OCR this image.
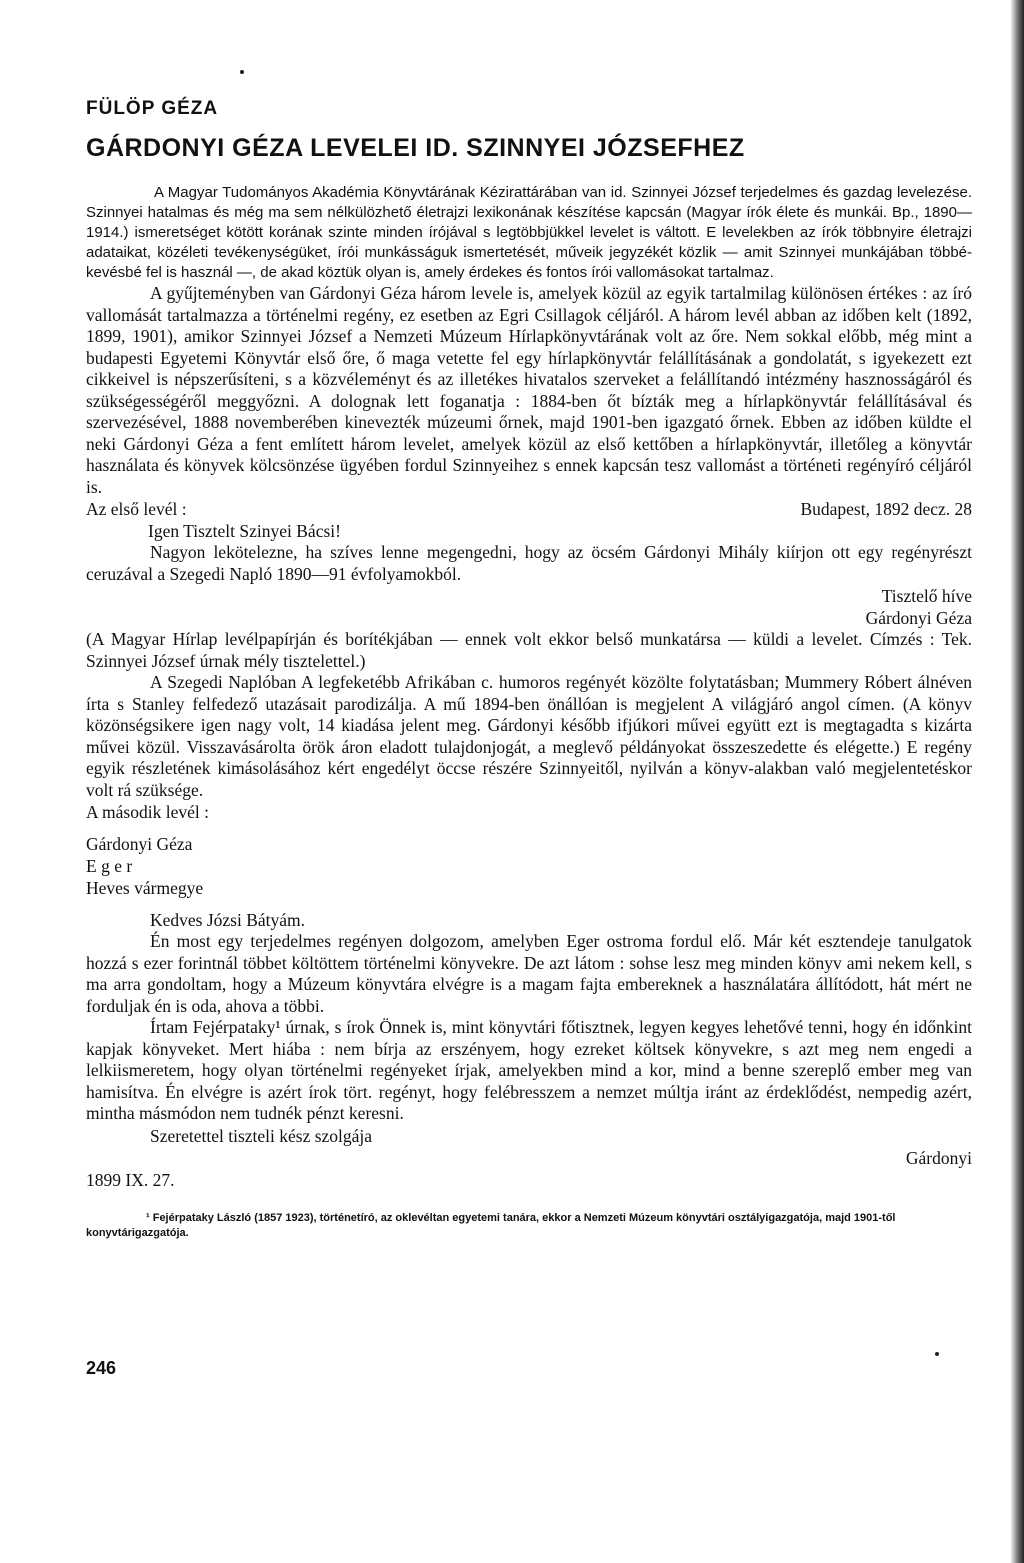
FÜLÖP GÉZA
GÁRDONYI GÉZA LEVELEI ID. SZINNYEI JÓZSEFHEZ

A Magyar Tudományos Akadémia Könyvtárának Kézirattárában van id. Szinnyei József terjedelmes és gazdag levelezése. Szinnyei hatalmas és még ma sem nélkülözhető életrajzi lexikonának készítése kapcsán (Magyar írók élete és munkái. Bp., 1890—1914.) ismeretséget kötött korának szinte minden írójával s legtöbbjükkel levelet is váltott. E levelekben az írók többnyire életrajzi adataikat, közéleti tevékenységüket, írói munkásságuk ismertetését, műveik jegyzékét közlik — amit Szinnyei munkájában többé-kevésbé fel is használ —, de akad köztük olyan is, amely érdekes és fontos írói vallomásokat tartalmaz.

A gyűjteményben van Gárdonyi Géza három levele is, amelyek közül az egyik tartalmilag különösen értékes : az író vallomását tartalmazza a történelmi regény, ez esetben az Egri Csillagok céljáról. A három levél abban az időben kelt (1892, 1899, 1901), amikor Szinnyei József a Nemzeti Múzeum Hírlapkönyvtárának volt az őre. Nem sokkal előbb, még mint a budapesti Egyetemi Könyvtár első őre, ő maga vetette fel egy hírlapkönyvtár felállításának a gondolatát, s igyekezett ezt cikkeivel is népszerűsíteni, s a közvéleményt és az illetékes hivatalos szerveket a felállítandó intézmény hasznosságáról és szükségességéről meggyőzni. A dolognak lett foganatja : 1884-ben őt bízták meg a hírlapkönyvtár felállításával és szervezésével, 1888 novemberében kinevezték múzeumi őrnek, majd 1901-ben igazgató őrnek. Ebben az időben küldte el neki Gárdonyi Géza a fent említett három levelet, amelyek közül az első kettőben a hírlapkönyvtár, illetőleg a könyvtár használata és könyvek kölcsönzése ügyében fordul Szinnyeihez s ennek kapcsán tesz vallomást a történeti regényíró céljáról is.

Az első levél :	Budapest, 1892 decz. 28

Igen Tisztelt Szinyei Bácsi!

Nagyon lekötelezne, ha szíves lenne megengedni, hogy az öcsém Gárdonyi Mihály kiírjon ott egy regényrészt ceruzával a Szegedi Napló 1890—91 évfolyamokból.

Tisztelő híve

Gárdonyi Géza

(A Magyar Hírlap levélpapírján és borítékjában — ennek volt ekkor belső munkatársa — küldi a levelet. Címzés : Tek. Szinnyei József úrnak mély tisztelettel.)

A Szegedi Naplóban A legfeketébb Afrikában c. humoros regényét közölte folytatásban; Mummery Róbert álnéven írta s Stanley felfedező utazásait parodizálja. A mű 1894-ben önállóan is megjelent A világjáró angol címen. (A könyv közönségsikere igen nagy volt, 14 kiadása jelent meg. Gárdonyi később ifjúkori művei együtt ezt is megtagadta s kizárta művei közül. Visszavásárolta örök áron eladott tulajdonjogát, a meglevő példányokat összeszedette és elégette.) E regény egyik részletének kimásolásához kért engedélyt öccse részére Szinnyeitől, nyilván a könyv-alakban való megjelentetéskor volt rá szüksége.

A második levél :

Gárdonyi Géza

E g e r

Heves vármegye

Kedves Józsi Bátyám.

Én most egy terjedelmes regényen dolgozom, amelyben Eger ostroma fordul elő. Már két esztendeje tanulgatok hozzá s ezer forintnál többet költöttem történelmi könyvekre. De azt látom : sohse lesz meg minden könyv ami nekem kell, s ma arra gondoltam, hogy a Múzeum könyvtára elvégre is a magam fajta embereknek a használatára állítódott, hát mért ne forduljak én is oda, ahova a többi.

Írtam Fejérpataky¹ úrnak, s írok Önnek is, mint könyvtári főtisztnek, legyen kegyes lehetővé tenni, hogy én időnkint kapjak könyveket. Mert hiába : nem bírja az erszényem, hogy ezreket költsek könyvekre, s azt meg nem engedi a lelkiismeretem, hogy olyan történelmi regényeket írjak, amelyekben mind a kor, mind a benne szereplő ember meg van hamisítva. Én elvégre is azért írok tört. regényt, hogy felébresszem a nemzet múltja iránt az érdeklődést, nempedig azért, mintha másmódon nem tudnék pénzt keresni.

Szeretettel tiszteli kész szolgája

Gárdonyi

1899 IX. 27.

¹ Fejérpataky László (1857 1923), történetíró, az oklevéltan egyetemi tanára, ekkor a Nemzeti Múzeum könyvtári osztályigazgatója, majd 1901-től konyvtárigazgatója.

246
